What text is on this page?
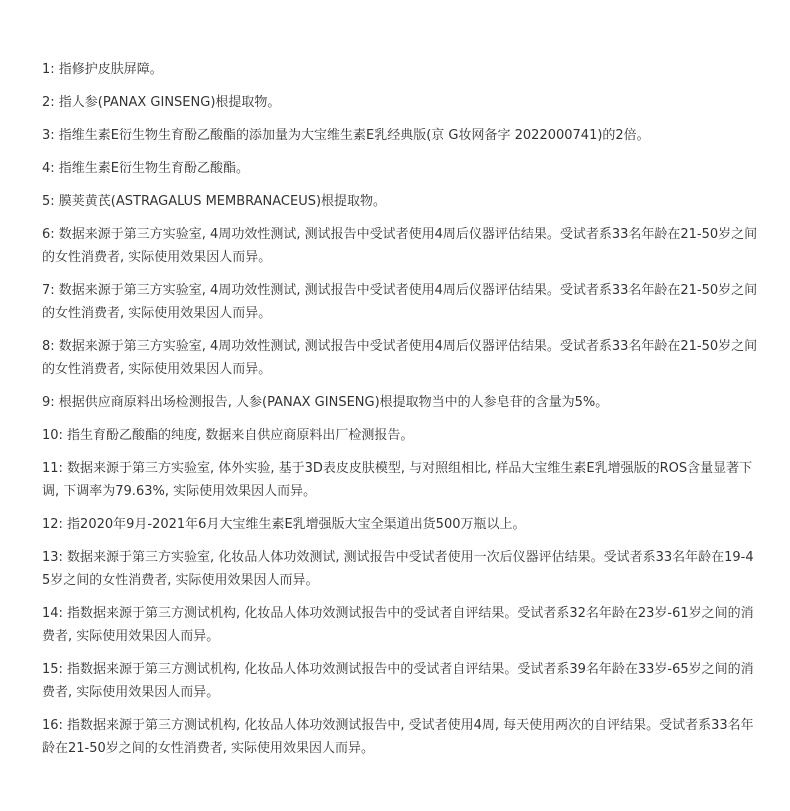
1: 指修护皮肤屏障。

2: 指人参(PANAX GINSENG)根提取物。

3: 指维生素E衍生物生育酚乙酸酯的添加量为大宝维生素E乳经典版(京 G妆网备字 2022000741)的2倍。

4: 指维生素E衍生物生育酚乙酸酯。

5: 膜荚黄芪(ASTRAGALUS MEMBRANACEUS)根提取物。

6: 数据来源于第三方实验室, 4周功效性测试, 测试报告中受试者使用4周后仪器评估结果。受试者系33名年龄在21-50岁之间的女性消费者, 实际使用效果因人而异。

7: 数据来源于第三方实验室, 4周功效性测试, 测试报告中受试者使用4周后仪器评估结果。受试者系33名年龄在21-50岁之间的女性消费者, 实际使用效果因人而异。

8: 数据来源于第三方实验室, 4周功效性测试, 测试报告中受试者使用4周后仪器评估结果。受试者系33名年龄在21-50岁之间的女性消费者, 实际使用效果因人而异。

9: 根据供应商原料出场检测报告, 人参(PANAX GINSENG)根提取物当中的人参皂苷的含量为5%。

10: 指生育酚乙酸酯的纯度, 数据来自供应商原料出厂检测报告。

11: 数据来源于第三方实验室, 体外实验, 基于3D表皮皮肤模型, 与对照组相比, 样品大宝维生素E乳增强版的ROS含量显著下调, 下调率为79.63%, 实际使用效果因人而异。

12: 指2020年9月-2021年6月大宝维生素E乳增强版大宝全渠道出货500万瓶以上。

13: 数据来源于第三方实验室, 化妆品人体功效测试, 测试报告中受试者使用一次后仪器评估结果。受试者系33名年龄在19-45岁之间的女性消费者, 实际使用效果因人而异。

14: 指数据来源于第三方测试机构, 化妆品人体功效测试报告中的受试者自评结果。受试者系32名年龄在23岁-61岁之间的消费者, 实际使用效果因人而异。

15: 指数据来源于第三方测试机构, 化妆品人体功效测试报告中的受试者自评结果。受试者系39名年龄在33岁-65岁之间的消费者, 实际使用效果因人而异。

16: 指数据来源于第三方测试机构, 化妆品人体功效测试报告中, 受试者使用4周, 每天使用两次的自评结果。受试者系33名年龄在21-50岁之间的女性消费者, 实际使用效果因人而异。
